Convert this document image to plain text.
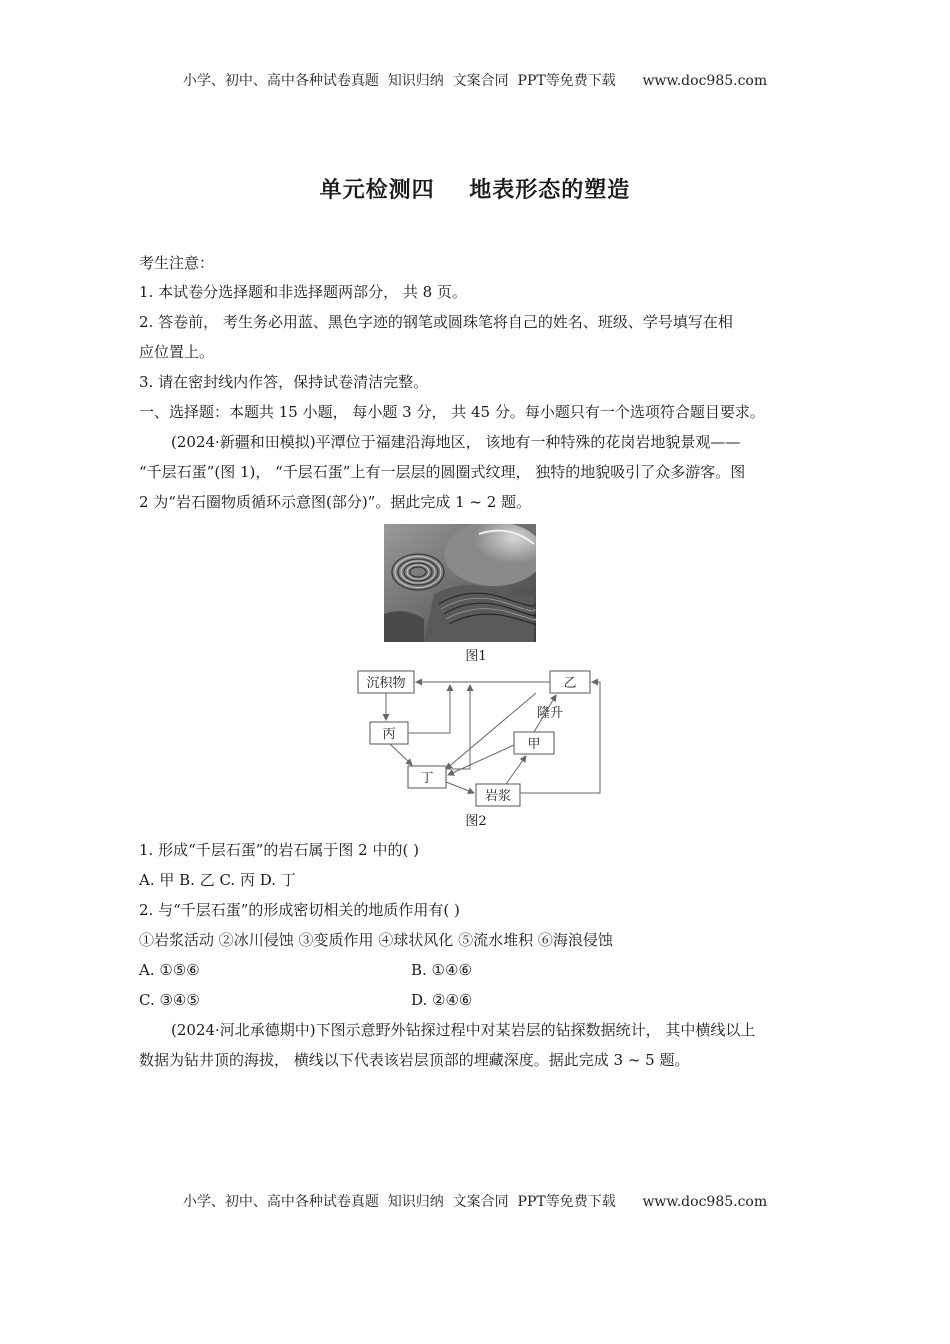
小学、初中、高中各种试卷真题  知识归纳  文案合同  PPT等免费下载      www.doc985.com
单元检测四    地表形态的塑造
考生注意：
1. 本试卷分选择题和非选择题两部分， 共 8 页。
2. 答卷前， 考生务必用蓝、黑色字迹的钢笔或圆珠笔将自己的姓名、班级、学号填写在相
应位置上。
3. 请在密封线内作答，保持试卷清洁完整。
一、选择题：本题共 15 小题， 每小题 3 分， 共 45 分。每小题只有一个选项符合题目要求。
(2024·新疆和田模拟)平潭位于福建沿海地区， 该地有一种特殊的花岗岩地貌景观——
“千层石蛋”(图 1)， “千层石蛋”上有一层层的圆圈式纹理， 独特的地貌吸引了众多游客。图
2 为“岩石圈物质循环示意图(部分)”。据此完成 1 ~ 2 题。
图1
沉积物	乙
丙
甲
丁
岩浆
隆升
图2
1. 形成“千层石蛋”的岩石属于图 2 中的( )
A. 甲 B. 乙 C. 丙 D. 丁
2. 与“千层石蛋”的形成密切相关的地质作用有( )
①岩浆活动 ②冰川侵蚀 ③变质作用 ④球状风化 ⑤流水堆积 ⑥海浪侵蚀
A. ①⑤⑥	B. ①④⑥
C. ③④⑤	D. ②④⑥
(2024·河北承德期中)下图示意野外钻探过程中对某岩层的钻探数据统计， 其中横线以上
数据为钻井顶的海拔， 横线以下代表该岩层顶部的埋藏深度。据此完成 3 ~ 5 题。
小学、初中、高中各种试卷真题  知识归纳  文案合同  PPT等免费下载      www.doc985.com
